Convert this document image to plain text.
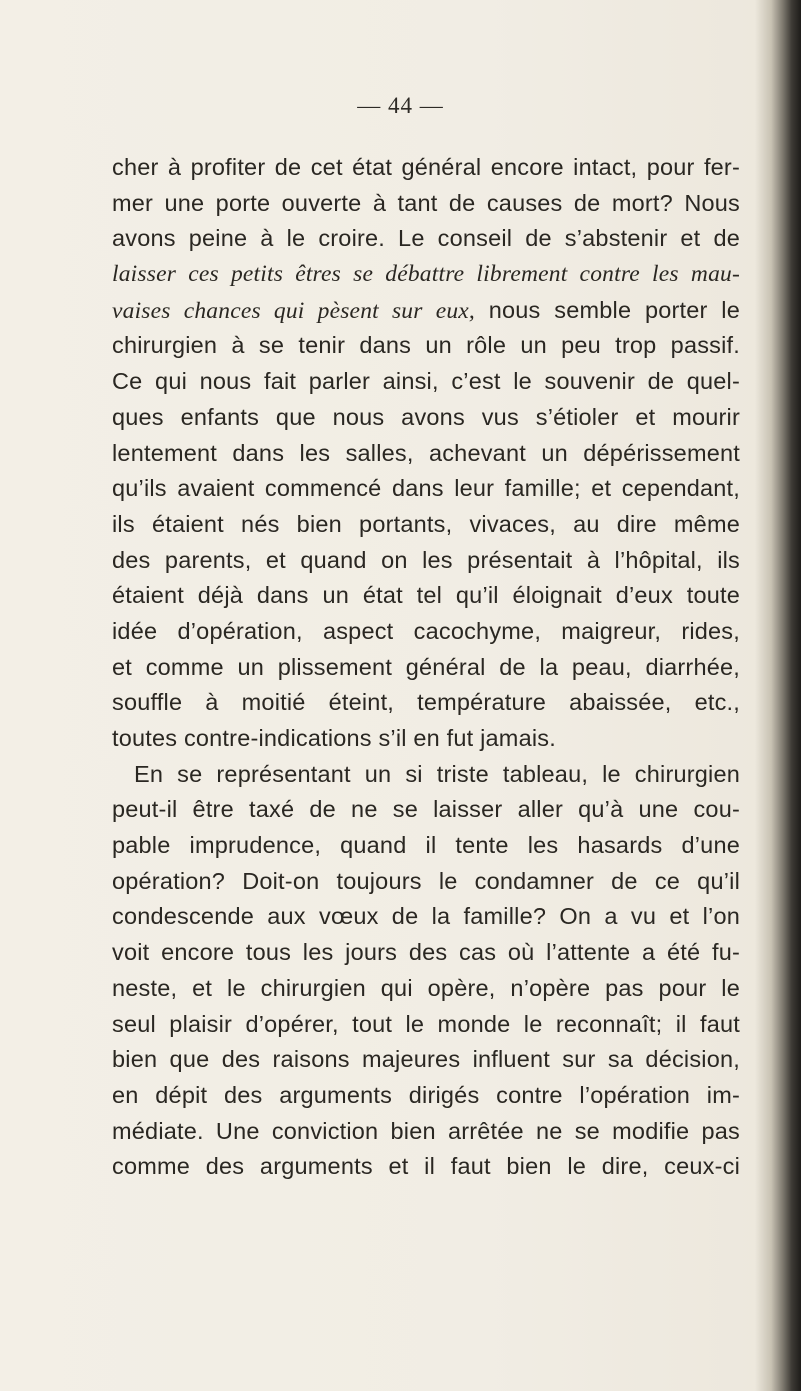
— 44 —
cher à profiter de cet état général encore intact, pour fer-
mer une porte ouverte à tant de causes de mort? Nous
avons peine à le croire. Le conseil de s’abstenir et de
laisser ces petits êtres se débattre librement contre les mau-
vaises chances qui pèsent sur eux, nous semble porter le
chirurgien à se tenir dans un rôle un peu trop passif.
Ce qui nous fait parler ainsi, c’est le souvenir de quel-
ques enfants que nous avons vus s’étioler et mourir
lentement dans les salles, achevant un dépérissement
qu’ils avaient commencé dans leur famille; et cependant,
ils étaient nés bien portants, vivaces, au dire même
des parents, et quand on les présentait à l’hôpital, ils
étaient déjà dans un état tel qu’il éloignait d’eux toute
idée d’opération, aspect cacochyme, maigreur, rides,
et comme un plissement général de la peau, diarrhée,
souffle à moitié éteint, température abaissée, etc.,
toutes contre-indications s’il en fut jamais.
En se représentant un si triste tableau, le chirurgien
peut-il être taxé de ne se laisser aller qu’à une cou-
pable imprudence, quand il tente les hasards d’une
opération? Doit-on toujours le condamner de ce qu’il
condescende aux vœux de la famille? On a vu et l’on
voit encore tous les jours des cas où l’attente a été fu-
neste, et le chirurgien qui opère, n’opère pas pour le
seul plaisir d’opérer, tout le monde le reconnaît; il faut
bien que des raisons majeures influent sur sa décision,
en dépit des arguments dirigés contre l’opération im-
médiate. Une conviction bien arrêtée ne se modifie pas
comme des arguments et il faut bien le dire, ceux-ci
